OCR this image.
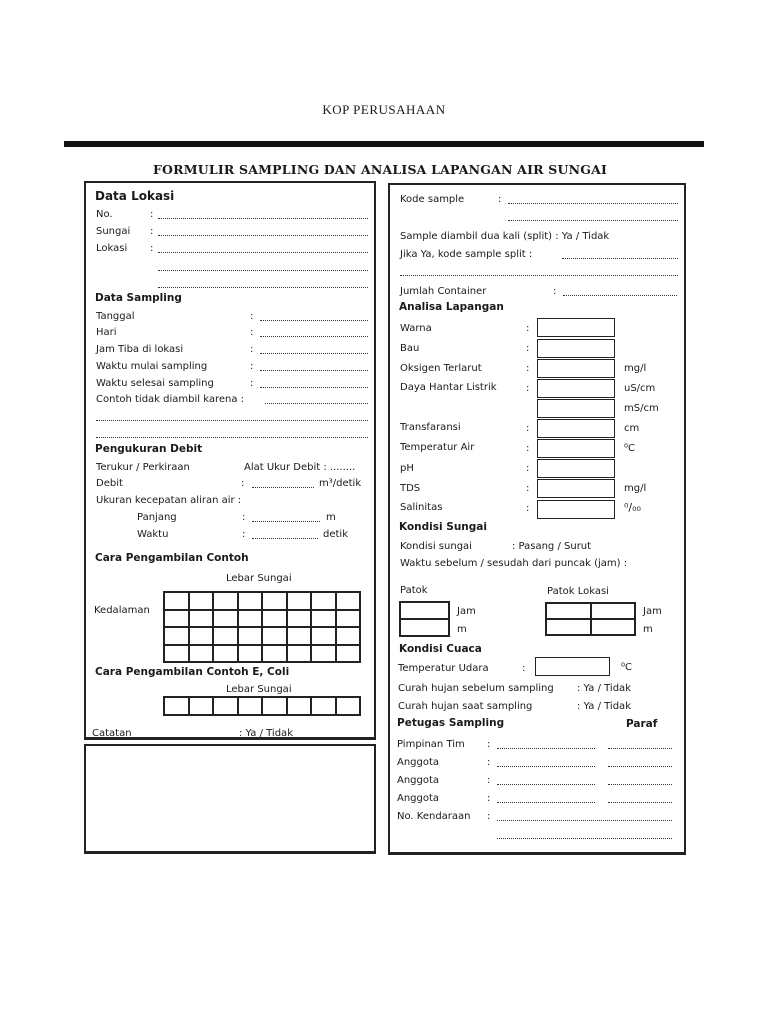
KOP PERUSAHAAN
FORMULIR SAMPLING DAN ANALISA LAPANGAN AIR SUNGAI
Data Lokasi
No.	:
Sungai :
Lokasi :
Data Sampling
Tanggal	:
Hari	:
Jam Tiba di lokasi	:
Waktu mulai sampling	:
Waktu selesai sampling	:
Contoh tidak diambil karena :
Pengukuran Debit
Terukur / Perkiraan	Alat Ukur Debit : ........
Debit	:	m³/detik
Ukuran kecepatan aliran air :
Panjang	:	m
Waktu	:	detik
Cara Pengambilan Contoh
Lebar Sungai
Kedalaman
Cara Pengambilan Contoh E, Coli
Lebar Sungai
Catatan	: Ya / Tidak
Kode sample	:
Sample diambil dua kali (split) : Ya / Tidak
Jika Ya, kode sample split :
Jumlah Container	:
Analisa Lapangan
Warna	:
Bau	:
Oksigen Terlarut	:	mg/l
Daya Hantar Listrik	:	uS/cm
mS/cm
Transfaransi	:	cm
Temperatur Air	:	⁰C
pH	:
TDS	:	mg/l
Salinitas	:	⁰/₀₀
Kondisi Sungai
Kondisi sungai	: Pasang / Surut
Waktu sebelum / sesudah dari puncak (jam) :
Patok	Patok Lokasi
Jam
m
Jam
m
Kondisi Cuaca
Temperatur Udara	:	⁰C
Curah hujan sebelum sampling : Ya / Tidak
Curah hujan saat sampling	: Ya / Tidak
Petugas Sampling	Paraf
Pimpinan Tim :
Anggota	:
Anggota	:
Anggota	:
No. Kendaraan :
